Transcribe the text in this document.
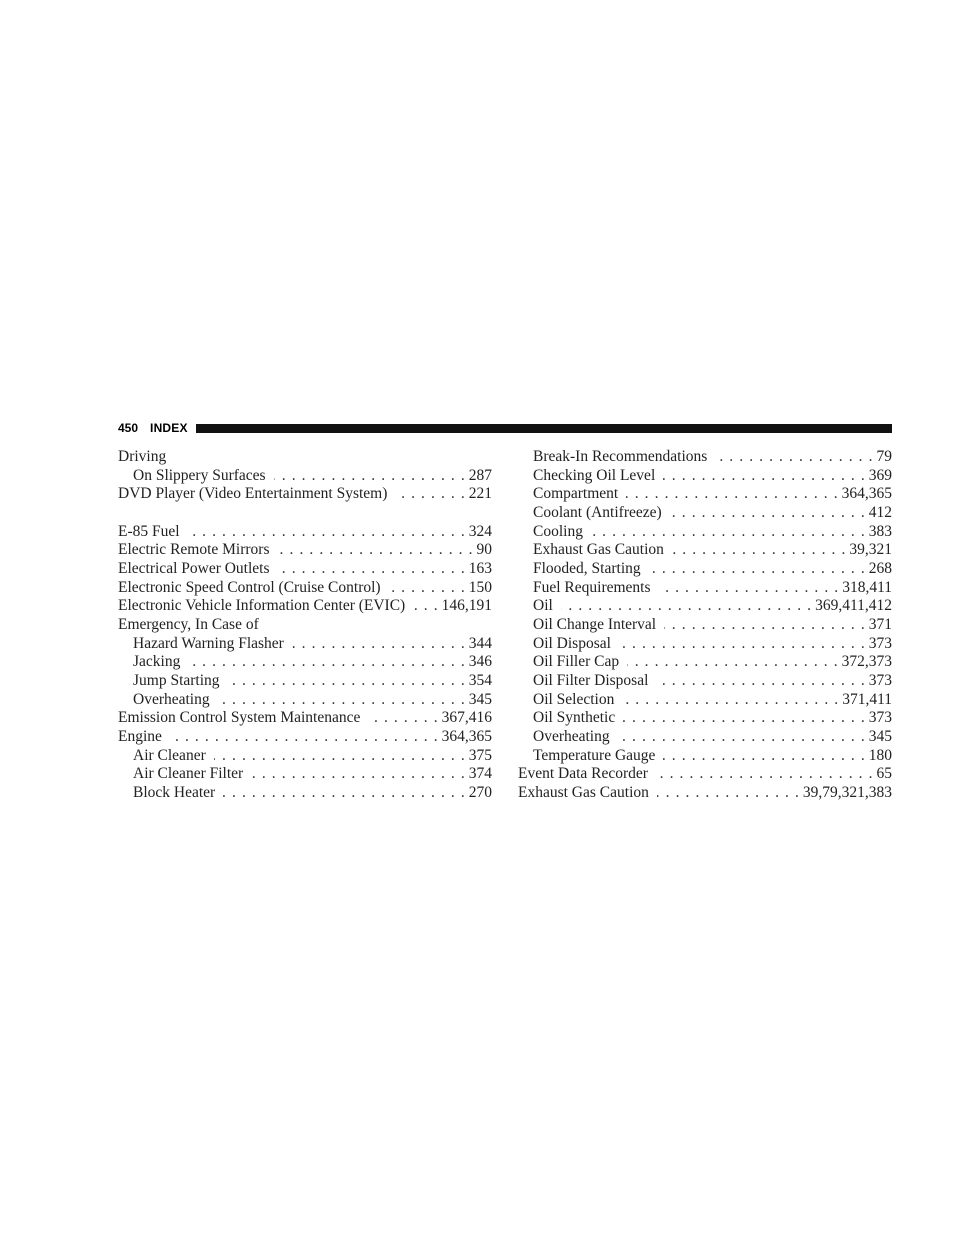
450 INDEX
Driving
On Slippery Surfaces . . .	287
DVD Player (Video Entertainment System) . . .	221
E-85 Fuel . . .	324
Electric Remote Mirrors . . .	90
Electrical Power Outlets . . .	163
Electronic Speed Control (Cruise Control) . . .	150
Electronic Vehicle Information Center (EVIC) . . . 146,191
Emergency, In Case of
Hazard Warning Flasher . . .	344
Jacking . . .	346
Jump Starting . . .	354
Overheating . . .	345
Emission Control System Maintenance . . .	367,416
Engine . . .	364,365
Air Cleaner . . .	375
Air Cleaner Filter . . .	374
Block Heater . . .	270
Break-In Recommendations . . .	79
Checking Oil Level . . .	369
Compartment . . .	364,365
Coolant (Antifreeze) . . .	412
Cooling . . .	383
Exhaust Gas Caution . . .	39,321
Flooded, Starting . . .	268
Fuel Requirements . . .	318,411
Oil . . .	369,411,412
Oil Change Interval . . .	371
Oil Disposal . . .	373
Oil Filler Cap . . .	372,373
Oil Filter Disposal . . .	373
Oil Selection . . .	371,411
Oil Synthetic . . .	373
Overheating . . .	345
Temperature Gauge . . .	180
Event Data Recorder . . .	65
Exhaust Gas Caution . . .	39,79,321,383
